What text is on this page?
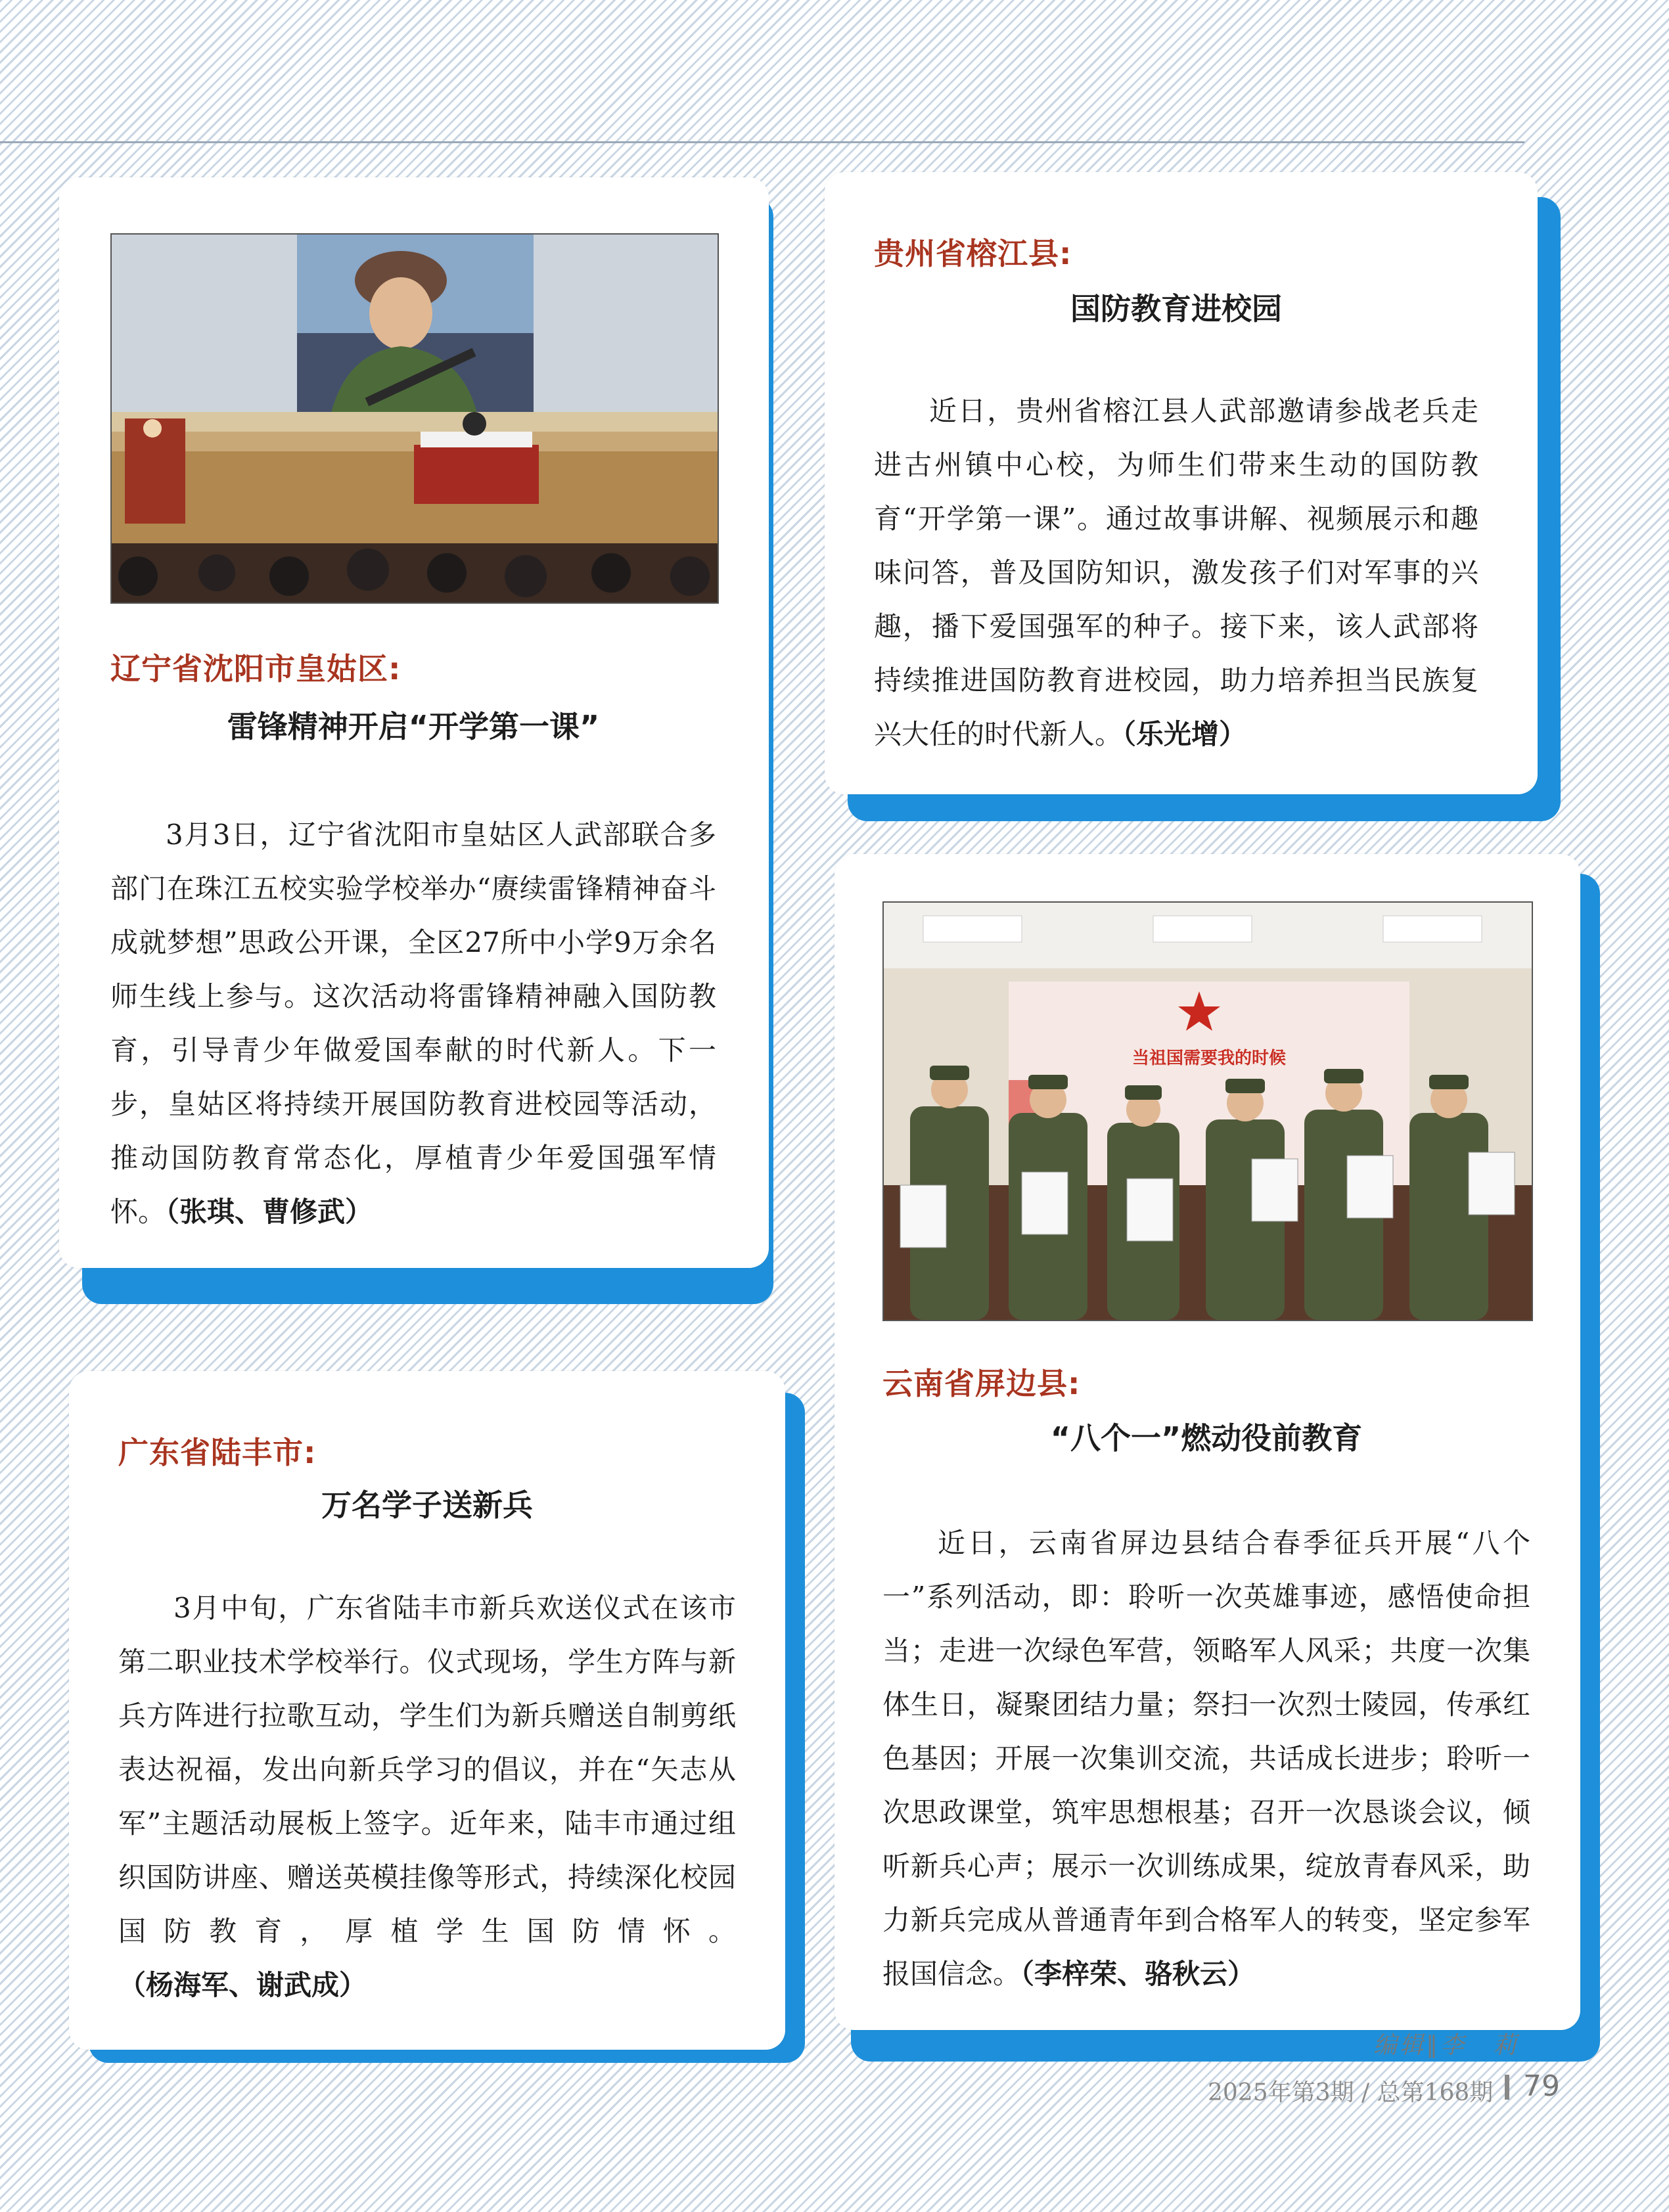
辽宁省沈阳市皇姑区:
雷锋精神开启“开学第一课”

3月3日，辽宁省沈阳市皇姑区人武部联合多部门在珠江五校实验学校举办“赓续雷锋精神奋斗成就梦想”思政公开课，全区27所中小学9万余名师生线上参与。这次活动将雷锋精神融入国防教育，引导青少年做爱国奉献的时代新人。下一步，皇姑区将持续开展国防教育进校园等活动，推动国防教育常态化，厚植青少年爱国强军情怀。（张琪、曹修武）

贵州省榕江县:
国防教育进校园

近日，贵州省榕江县人武部邀请参战老兵走进古州镇中心校，为师生们带来生动的国防教育“开学第一课”。通过故事讲解、视频展示和趣味问答，普及国防知识，激发孩子们对军事的兴趣，播下爱国强军的种子。接下来，该人武部将持续推进国防教育进校园，助力培养担当民族复兴大任的时代新人。（乐光增）

广东省陆丰市:
万名学子送新兵

3月中旬，广东省陆丰市新兵欢送仪式在该市第二职业技术学校举行。仪式现场，学生方阵与新兵方阵进行拉歌互动，学生们为新兵赠送自制剪纸表达祝福，发出向新兵学习的倡议，并在“矢志从军”主题活动展板上签字。近年来，陆丰市通过组织国防讲座、赠送英模挂像等形式，持续深化校园国防教育，厚植学生国防情怀。（杨海军、谢武成）

当祖国需要我的时候
云南省屏边县:
“八个一”燃动役前教育

近日，云南省屏边县结合春季征兵开展“八个一”系列活动，即：聆听一次英雄事迹，感悟使命担当；走进一次绿色军营，领略军人风采；共度一次集体生日，凝聚团结力量；祭扫一次烈士陵园，传承红色基因；开展一次集训交流，共话成长进步；聆听一次思政课堂，筑牢思想根基；召开一次恳谈会议，倾听新兵心声；展示一次训练成果，绽放青春风采，助力新兵完成从普通青年到合格军人的转变，坚定参军报国信念。（李梓荣、骆秋云）

编辑∥李　莉
2025年第3期 / 总第168期 79
